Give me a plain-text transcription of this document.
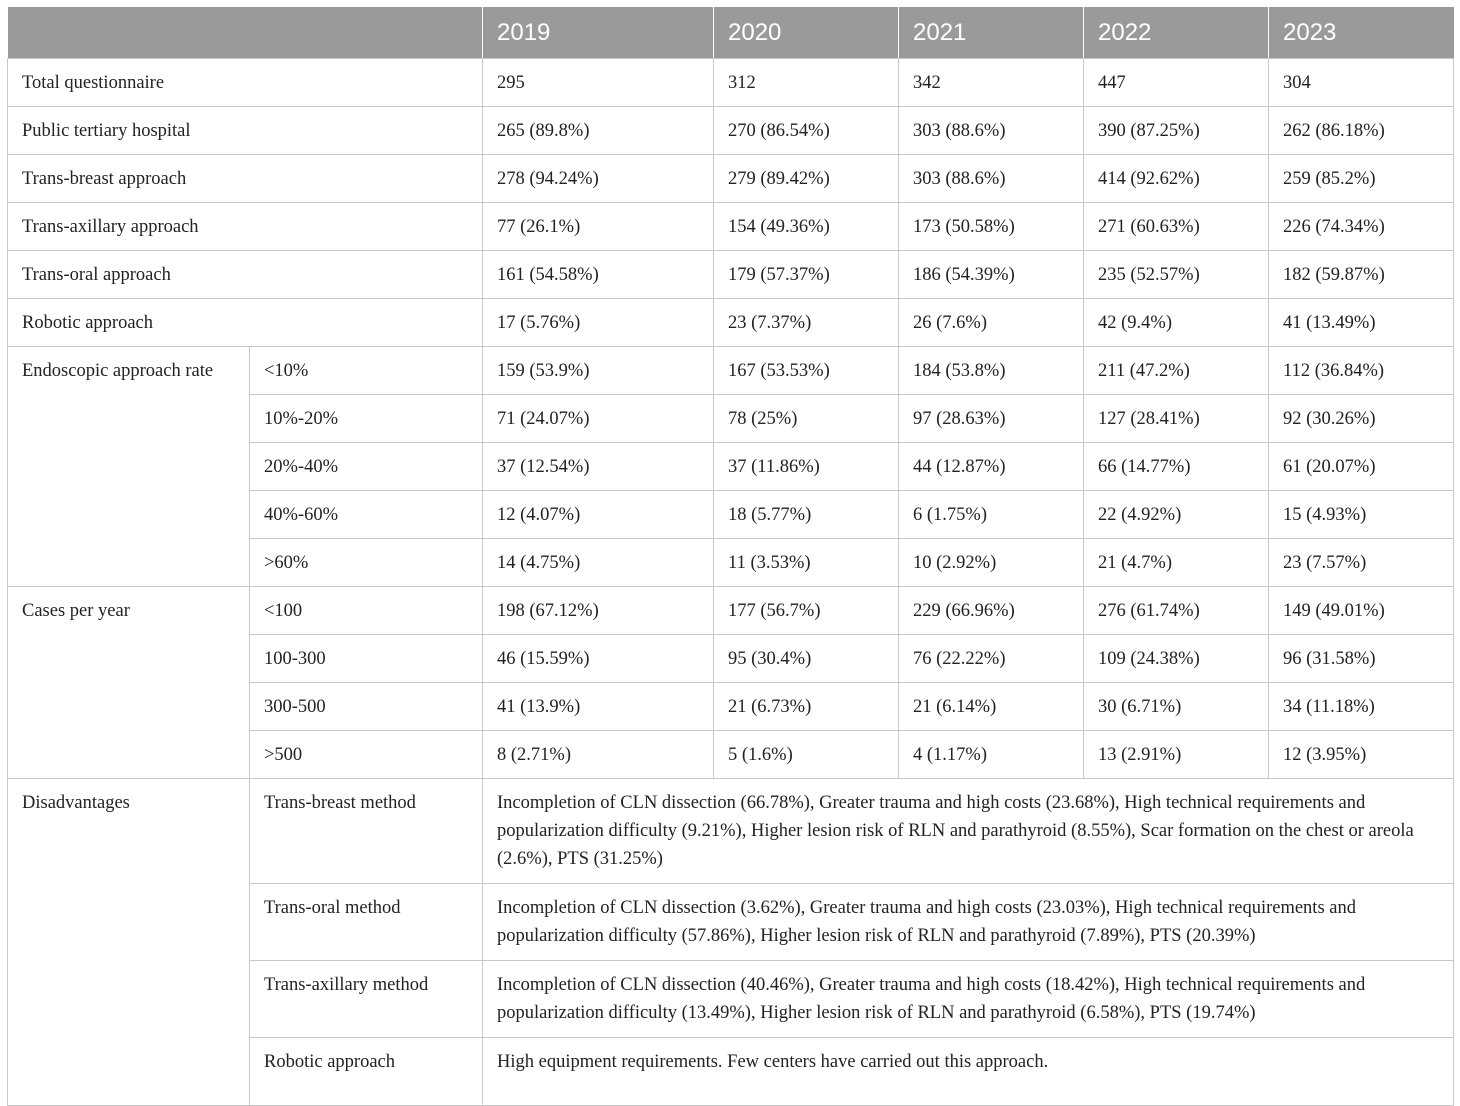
		2019	2020	2021	2022	2023
Total questionnaire		295	312	342	447	304
Public tertiary hospital		265 (89.8%)	270 (86.54%)	303 (88.6%)	390 (87.25%)	262 (86.18%)
Trans-breast approach		278 (94.24%)	279 (89.42%)	303 (88.6%)	414 (92.62%)	259 (85.2%)
Trans-axillary approach		77 (26.1%)	154 (49.36%)	173 (50.58%)	271 (60.63%)	226 (74.34%)
Trans-oral approach		161 (54.58%)	179 (57.37%)	186 (54.39%)	235 (52.57%)	182 (59.87%)
Robotic approach		17 (5.76%)	23 (7.37%)	26 (7.6%)	42 (9.4%)	41 (13.49%)
Endoscopic approach rate	<10%	159 (53.9%)	167 (53.53%)	184 (53.8%)	211 (47.2%)	112 (36.84%)
	10%-20%	71 (24.07%)	78 (25%)	97 (28.63%)	127 (28.41%)	92 (30.26%)
	20%-40%	37 (12.54%)	37 (11.86%)	44 (12.87%)	66 (14.77%)	61 (20.07%)
	40%-60%	12 (4.07%)	18 (5.77%)	6 (1.75%)	22 (4.92%)	15 (4.93%)
	>60%	14 (4.75%)	11 (3.53%)	10 (2.92%)	21 (4.7%)	23 (7.57%)
Cases per year	<100	198 (67.12%)	177 (56.7%)	229 (66.96%)	276 (61.74%)	149 (49.01%)
	100-300	46 (15.59%)	95 (30.4%)	76 (22.22%)	109 (24.38%)	96 (31.58%)
	300-500	41 (13.9%)	21 (6.73%)	21 (6.14%)	30 (6.71%)	34 (11.18%)
	>500	8 (2.71%)	5 (1.6%)	4 (1.17%)	13 (2.91%)	12 (3.95%)
Disadvantages	Trans-breast method	Incompletion of CLN dissection (66.78%), Greater trauma and high costs (23.68%), High technical requirements and popularization difficulty (9.21%), Higher lesion risk of RLN and parathyroid (8.55%), Scar formation on the chest or areola (2.6%), PTS (31.25%)				
	Trans-oral method	Incompletion of CLN dissection (3.62%), Greater trauma and high costs (23.03%), High technical requirements and popularization difficulty (57.86%), Higher lesion risk of RLN and parathyroid (7.89%), PTS (20.39%)				
	Trans-axillary method	Incompletion of CLN dissection (40.46%), Greater trauma and high costs (18.42%), High technical requirements and popularization difficulty (13.49%), Higher lesion risk of RLN and parathyroid (6.58%), PTS (19.74%)				
	Robotic approach	High equipment requirements. Few centers have carried out this approach.				
